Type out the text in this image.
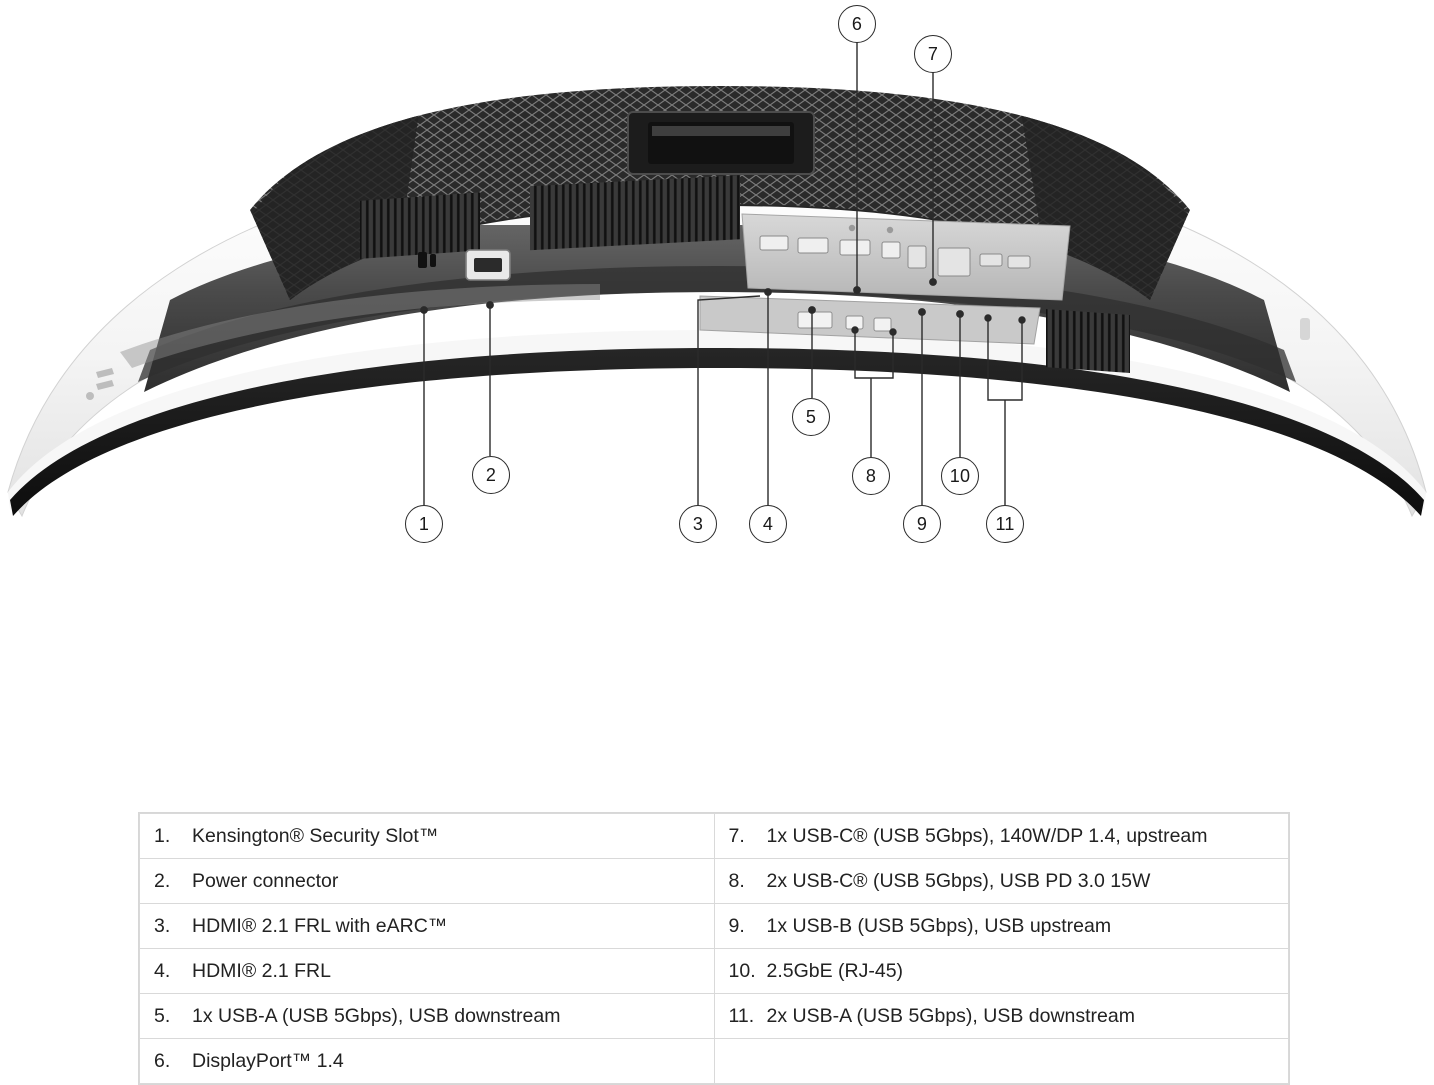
1
2
3	4
5
6
7
8
9
10
11
1. Kensington® Security Slot™	7. 1x USB-C® (USB 5Gbps), 140W/DP 1.4, upstream

2. Power connector	8. 2x USB-C® (USB 5Gbps), USB PD 3.0 15W

3. HDMI® 2.1 FRL with eARC™	9. 1x USB-B (USB 5Gbps), USB upstream

4. HDMI® 2.1 FRL	10. 2.5GbE (RJ-45)

5. 1x USB-A (USB 5Gbps), USB downstream	11. 2x USB-A (USB 5Gbps), USB downstream

6. DisplayPort™ 1.4	
